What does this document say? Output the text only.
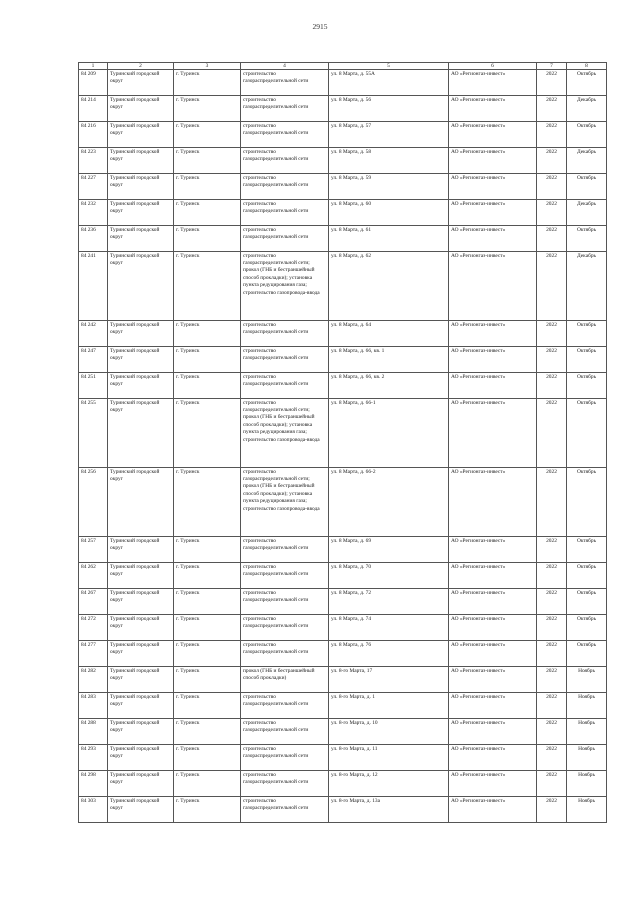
2915
1	2	3	4	5	6	7	8
84 209	Туринский городской округ	г. Туринск	строительство газораспределительной сети	ул. 8 Марта, д. 55А	АО «Регионгаз-инвест»	2022	Октябрь
84 214	Туринский городской округ	г. Туринск	строительство газораспределительной сети	ул. 8 Марта, д. 56	АО «Регионгаз-инвест»	2022	Декабрь
84 216	Туринский городской округ	г. Туринск	строительство газораспределительной сети	ул. 8 Марта, д. 57	АО «Регионгаз-инвест»	2022	Октябрь
84 223	Туринский городской округ	г. Туринск	строительство газораспределительной сети	ул. 8 Марта, д. 58	АО «Регионгаз-инвест»	2022	Декабрь
84 227	Туринский городской округ	г. Туринск	строительство газораспределительной сети	ул. 8 Марта, д. 59	АО «Регионгаз-инвест»	2022	Октябрь
84 232	Туринский городской округ	г. Туринск	строительство газораспределительной сети	ул. 8 Марта, д. 60	АО «Регионгаз-инвест»	2022	Декабрь
84 236	Туринский городской округ	г. Туринск	строительство газораспределительной сети	ул. 8 Марта, д. 61	АО «Регионгаз-инвест»	2022	Октябрь
84 241	Туринский городской округ	г. Туринск	строительство газораспределительной сети; прокол (ГНБ и бестраншейный способ прокладки); установка пункта редуцирования газа; строительство газопровода-ввода	ул. 8 Марта, д. 62	АО «Регионгаз-инвест»	2022	Декабрь
84 242	Туринский городской округ	г. Туринск	строительство газораспределительной сети	ул. 8 Марта, д. 64	АО «Регионгаз-инвест»	2022	Октябрь
84 247	Туринский городской округ	г. Туринск	строительство газораспределительной сети	ул. 8 Марта, д. 66, кв. 1	АО «Регионгаз-инвест»	2022	Октябрь
84 251	Туринский городской округ	г. Туринск	строительство газораспределительной сети	ул. 8 Марта, д. 66, кв. 2	АО «Регионгаз-инвест»	2022	Октябрь
84 255	Туринский городской округ	г. Туринск	строительство газораспределительной сети; прокол (ГНБ и бестраншейный способ прокладки); установка пункта редуцирования газа; строительство газопровода-ввода	ул. 8 Марта, д. 66-1	АО «Регионгаз-инвест»	2022	Октябрь
84 256	Туринский городской округ	г. Туринск	строительство газораспределительной сети; прокол (ГНБ и бестраншейный способ прокладки); установка пункта редуцирования газа; строительство газопровода-ввода	ул. 8 Марта, д. 66-2	АО «Регионгаз-инвест»	2022	Октябрь
84 257	Туринский городской округ	г. Туринск	строительство газораспределительной сети	ул. 8 Марта, д. 69	АО «Регионгаз-инвест»	2022	Октябрь
84 262	Туринский городской округ	г. Туринск	строительство газораспределительной сети	ул. 8 Марта, д. 70	АО «Регионгаз-инвест»	2022	Октябрь
84 267	Туринский городской округ	г. Туринск	строительство газораспределительной сети	ул. 8 Марта, д. 72	АО «Регионгаз-инвест»	2022	Октябрь
84 272	Туринский городской округ	г. Туринск	строительство газораспределительной сети	ул. 8 Марта, д. 74	АО «Регионгаз-инвест»	2022	Октябрь
84 277	Туринский городской округ	г. Туринск	строительство газораспределительной сети	ул. 8 Марта, д. 76	АО «Регионгаз-инвест»	2022	Октябрь
84 282	Туринский городской округ	г. Туринск	прокол (ГНБ и бестраншейный способ прокладки)	ул. 8-го Марта, 17	АО «Регионгаз-инвест»	2022	Ноябрь
84 283	Туринский городской округ	г. Туринск	строительство газораспределительной сети	ул. 8-го Марта, д. 1	АО «Регионгаз-инвест»	2022	Ноябрь
84 288	Туринский городской округ	г. Туринск	строительство газораспределительной сети	ул. 8-го Марта, д. 10	АО «Регионгаз-инвест»	2022	Ноябрь
84 293	Туринский городской округ	г. Туринск	строительство газораспределительной сети	ул. 8-го Марта, д. 11	АО «Регионгаз-инвест»	2022	Ноябрь
84 298	Туринский городской округ	г. Туринск	строительство газораспределительной сети	ул. 8-го Марта, д. 12	АО «Регионгаз-инвест»	2022	Ноябрь
84 303	Туринский городской округ	г. Туринск	строительство газораспределительной сети	ул. 8-го Марта, д. 13а	АО «Регионгаз-инвест»	2022	Ноябрь
